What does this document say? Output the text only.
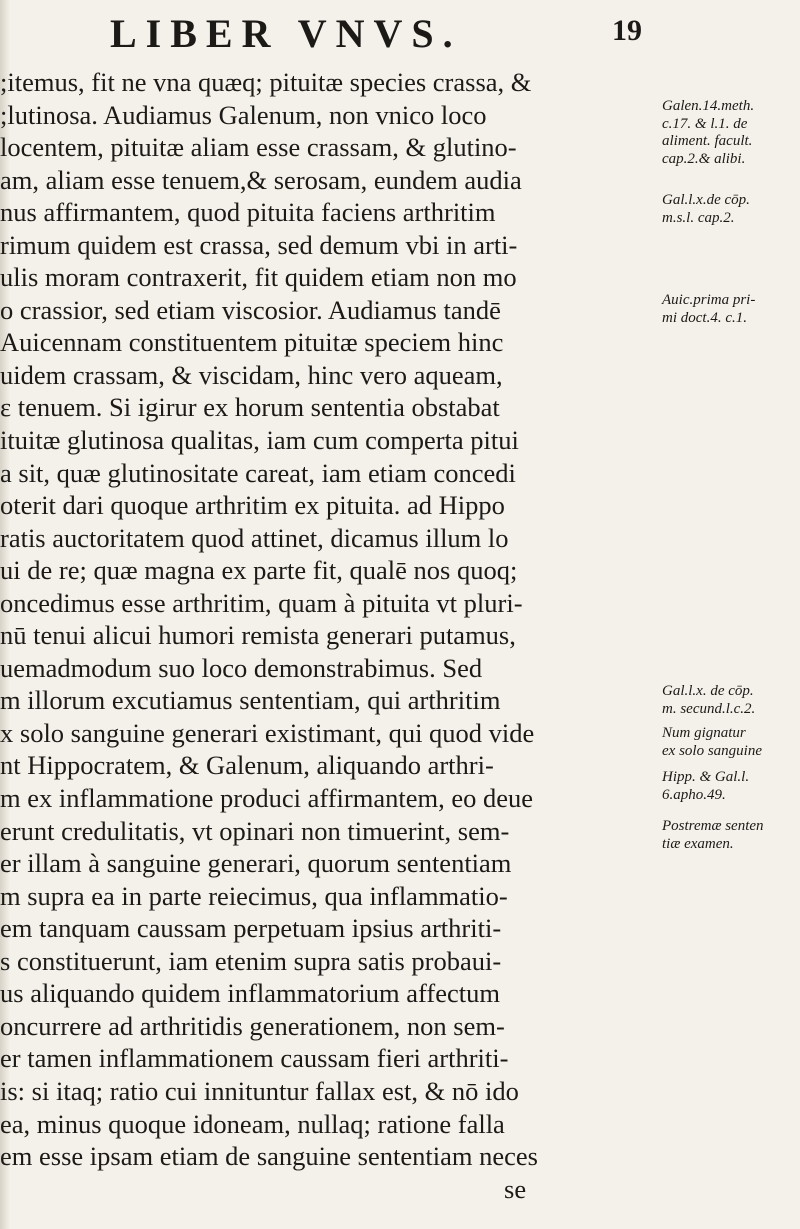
LIBER VNVS.	19
;itemus, fit ne vna quæq; pituitæ species crassa, &
;lutinosa. Audiamus Galenum, non vnico loco
locentem, pituitæ aliam esse crassam, & glutino-
am, aliam esse tenuem,& serosam, eundem audia
nus affirmantem, quod pituita faciens arthritim
rimum quidem est crassa, sed demum vbi in arti-
ulis moram contraxerit, fit quidem etiam non mo
o crassior, sed etiam viscosior. Audiamus tandē
Auicennam constituentem pituitæ speciem hinc
uidem crassam, & viscidam, hinc vero aqueam,
ε tenuem. Si igirur ex horum sententia obstabat
ituitæ glutinosa qualitas, iam cum comperta pitui
a sit, quæ glutinositate careat, iam etiam concedi
oterit dari quoque arthritim ex pituita. ad Hippo
ratis auctoritatem quod attinet, dicamus illum lo
ui de re; quæ magna ex parte fit, qualē nos quoq;
oncedimus esse arthritim, quam à pituita vt pluri-
nū tenui alicui humori remista generari putamus,
uemadmodum suo loco demonstrabimus. Sed
m illorum excutiamus sententiam, qui arthritim
x solo sanguine generari existimant, qui quod vide
nt Hippocratem, & Galenum, aliquando arthri-
m ex inflammatione produci affirmantem, eo deue
erunt credulitatis, vt opinari non timuerint, sem-
er illam à sanguine generari, quorum sententiam
m supra ea in parte reiecimus, qua inflammatio-
em tanquam caussam perpetuam ipsius arthriti-
s constituerunt, iam etenim supra satis probaui-
us aliquando quidem inflammatorium affectum
oncurrere ad arthritidis generationem, non sem-
er tamen inflammationem caussam fieri arthriti-
is: si itaq; ratio cui innituntur fallax est, & nō ido
ea, minus quoque idoneam, nullaq; ratione falla
em esse ipsam etiam de sanguine sententiam neces
se
Galen.14.meth.
c.17. & l.1. de
aliment. facult.
cap.2.& alibi.
Gal.l.x.de cōp.
m.s.l. cap.2.
Auic.prima pri-
mi doct.4. c.1.
Gal.l.x. de cōp.
m. secund.l.c.2.
Num gignatur
ex solo sanguine
Hipp. & Gal.l.
6.apho.49.
Postremæ senten
tiæ examen.
